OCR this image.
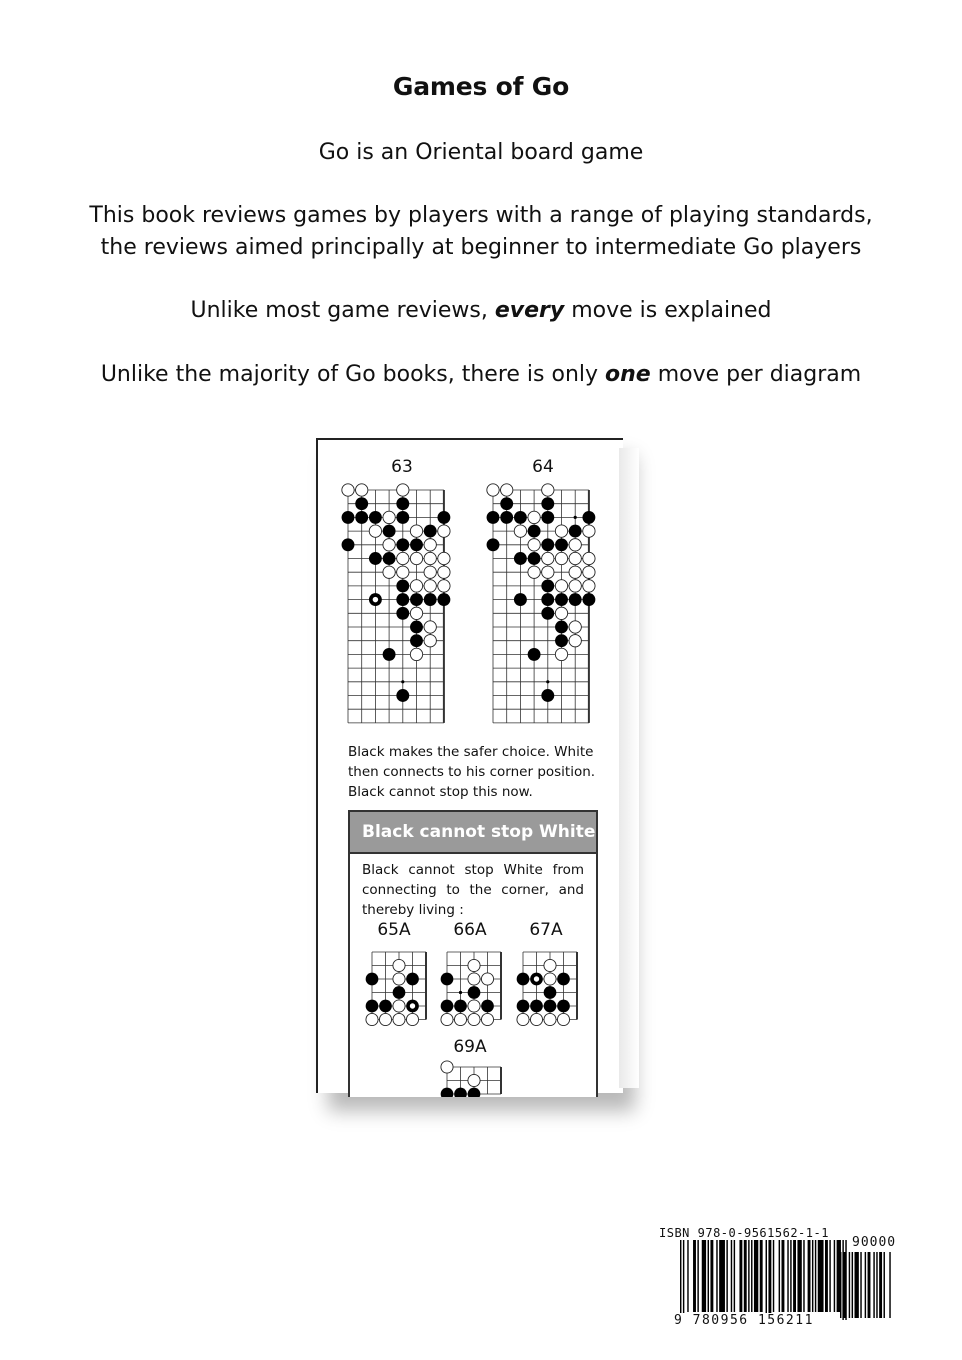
Games of Go
Go is an Oriental board game
This book reviews games by players with a range of playing standards,
the reviews aimed principally at beginner to intermediate Go players
Unlike most game reviews, every move is explained
Unlike the majority of Go books, there is only one move per diagram
63	64
Black makes the safer choice. White
then connects to his corner position.
Black cannot stop this now.
Black cannot stop White
Black cannot stop White from connecting to the corner, and thereby living :
65A	66A	67A
69A
ISBN 978-0-9561562-1-1
90000
9 780956 156211
